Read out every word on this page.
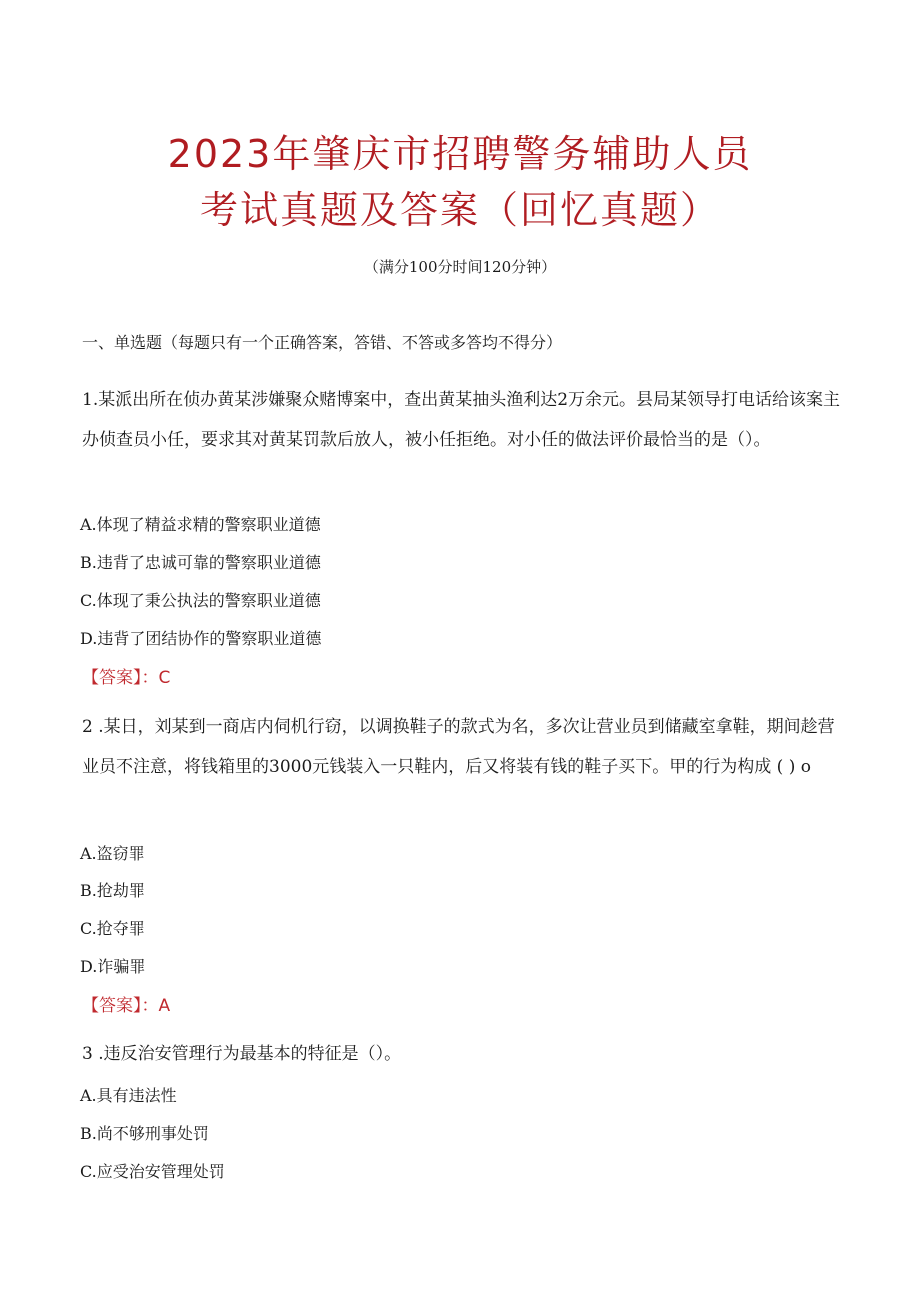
2023年肇庆市招聘警务辅助人员
考试真题及答案（回忆真题）
（满分100分时间120分钟）
一、单选题（每题只有一个正确答案，答错、不答或多答均不得分）

1.某派出所在侦办黄某涉嫌聚众赌博案中，查出黄某抽头渔利达2万余元。县局某领导打电话给该案主办侦查员小任，要求其对黄某罚款后放人，被小任拒绝。对小任的做法评价最恰当的是（）。

A.体现了精益求精的警察职业道德
B.违背了忠诚可靠的警察职业道德
C.体现了秉公执法的警察职业道德
D.违背了团结协作的警察职业道德
【答案】：C

2 .某日，刘某到一商店内伺机行窃，以调换鞋子的款式为名，多次让营业员到储藏室拿鞋，期间趁营业员不注意，将钱箱里的3000元钱装入一只鞋内，后又将装有钱的鞋子买下。甲的行为构成 ( ) o

A.盗窃罪
B.抢劫罪
C.抢夺罪
D.诈骗罪
【答案】：A

3 .违反治安管理行为最基本的特征是（）。

A.具有违法性
B.尚不够刑事处罚
C.应受治安管理处罚
